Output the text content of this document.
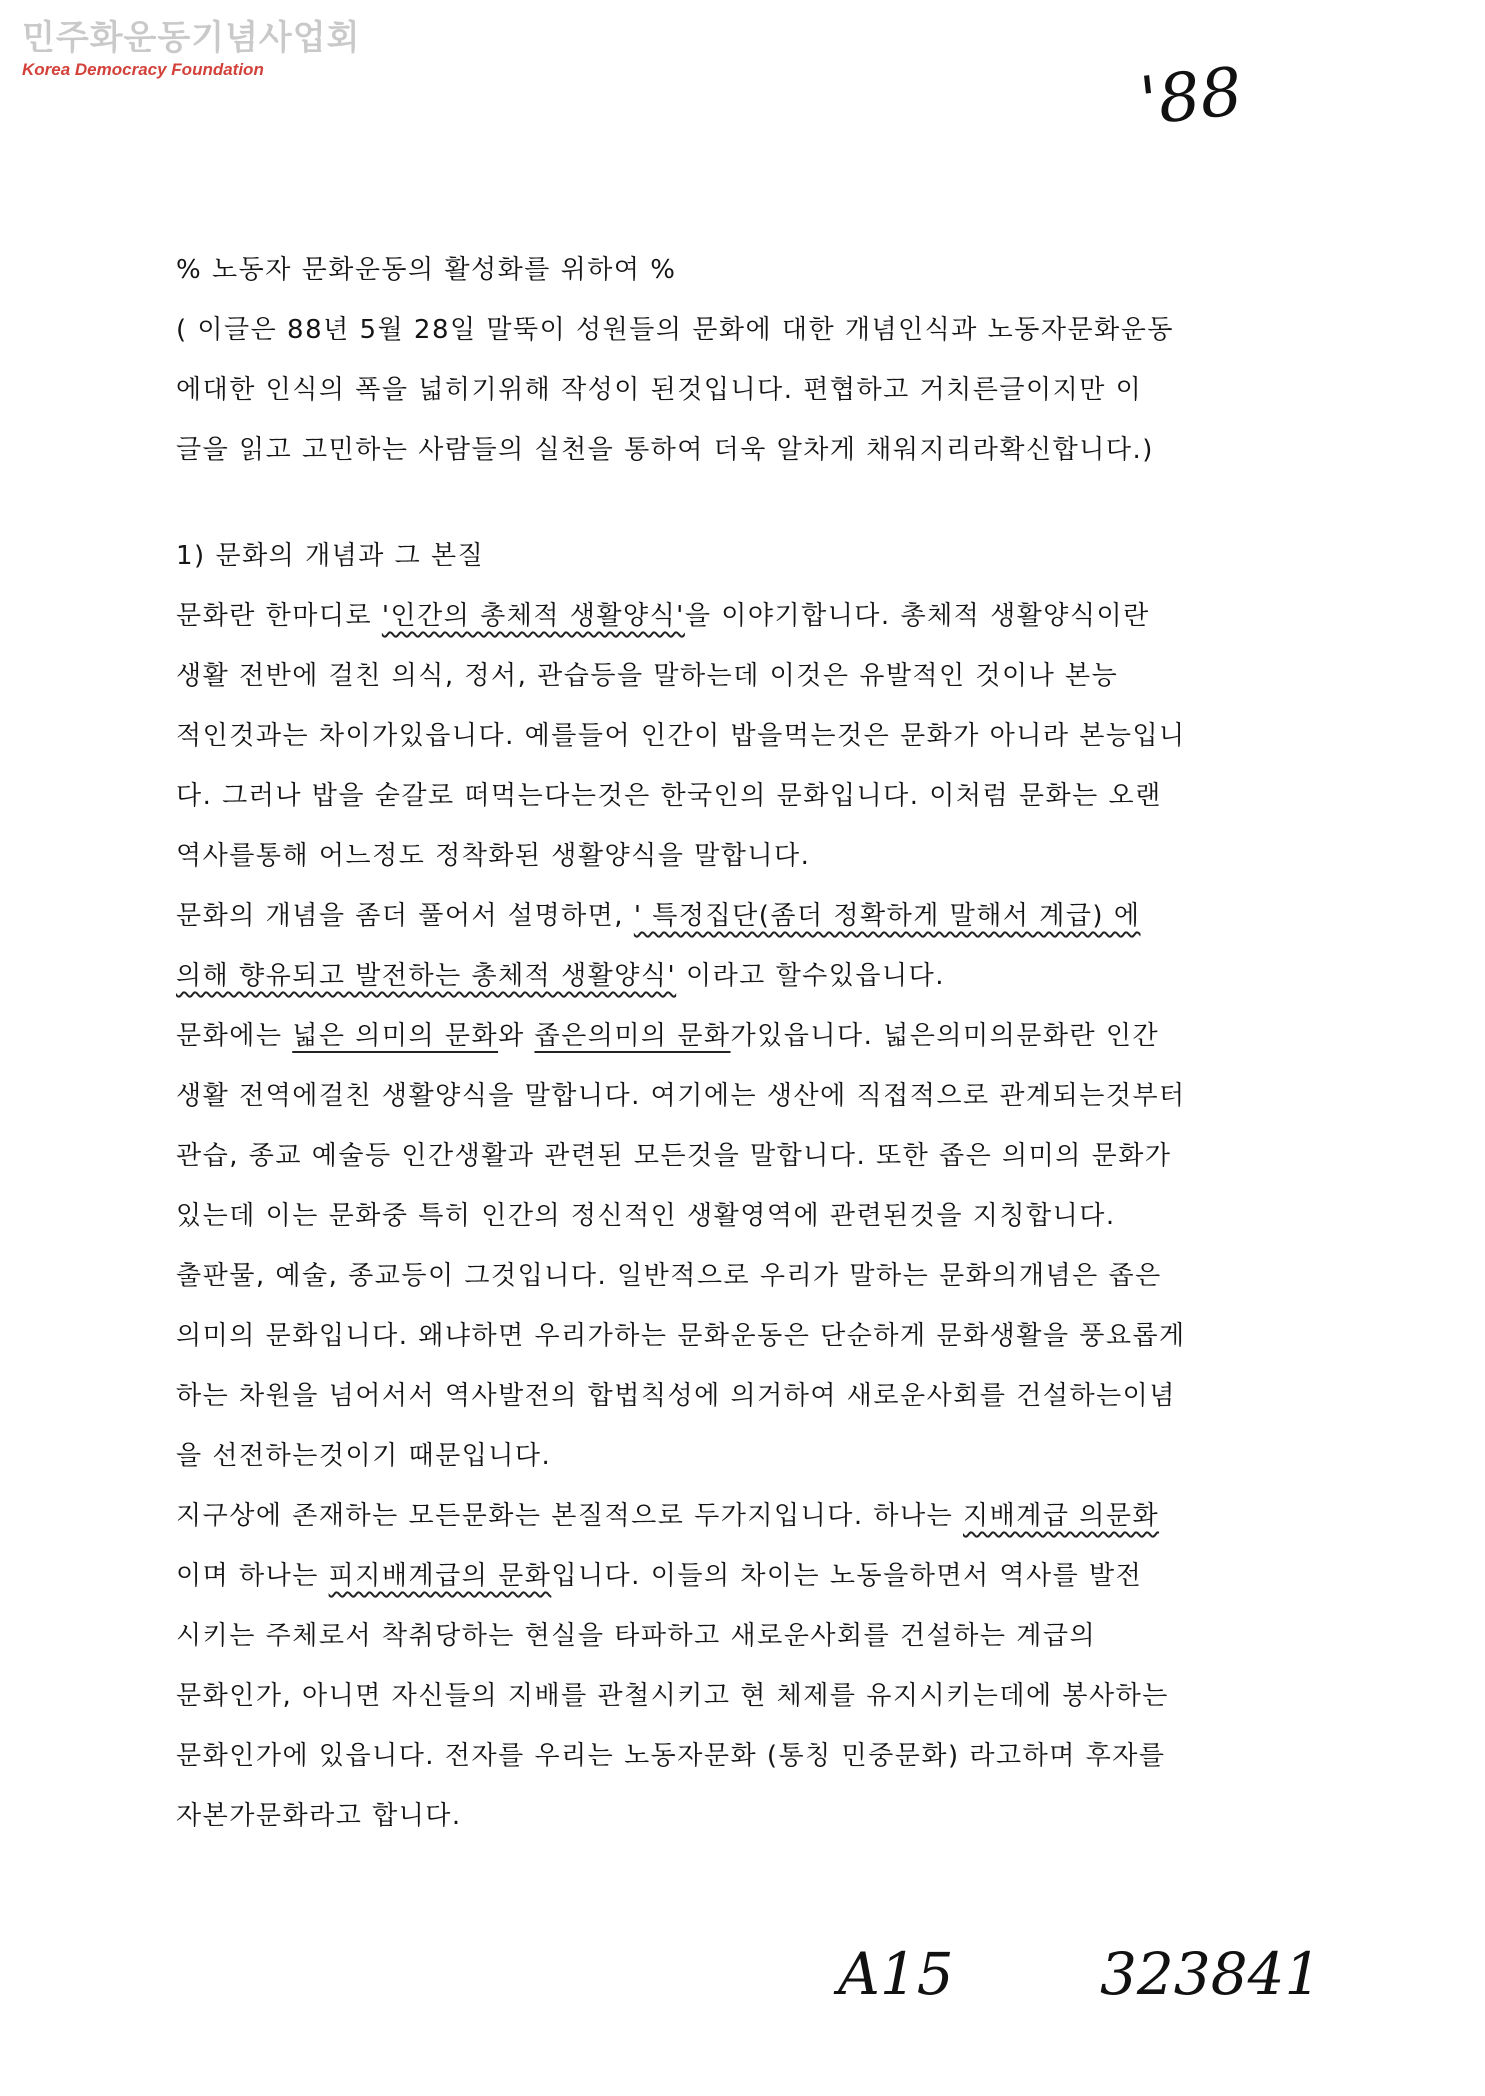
민주화운동기념사업회
Korea Democracy Foundation	'88
% 노동자 문화운동의 활성화를 위하여 %
( 이글은 88년 5월 28일 말뚝이 성원들의 문화에 대한 개념인식과 노동자문화운동
에대한 인식의 폭을 넓히기위해 작성이 된것입니다. 편협하고 거치른글이지만 이
글을 읽고 고민하는 사람들의 실천을 통하여 더욱 알차게 채워지리라확신합니다.)
1) 문화의 개념과 그 본질
문화란 한마디로 '인간의 총체적 생활양식'을 이야기합니다. 총체적 생활양식이란
생활 전반에 걸친 의식, 정서, 관습등을 말하는데 이것은 유발적인 것이나 본능
적인것과는 차이가있읍니다. 예를들어 인간이 밥을먹는것은 문화가 아니라 본능입니
다. 그러나 밥을 숟갈로 떠먹는다는것은 한국인의 문화입니다. 이처럼 문화는 오랜
역사를통해 어느정도 정착화된 생활양식을 말합니다.
문화의 개념을 좀더 풀어서 설명하면, ' 특정집단(좀더 정확하게 말해서 계급) 에
의해 향유되고 발전하는 총체적 생활양식' 이라고 할수있읍니다.
문화에는 넓은 의미의 문화와 좁은의미의 문화가있읍니다. 넓은의미의문화란 인간
생활 전역에걸친 생활양식을 말합니다. 여기에는 생산에 직접적으로 관계되는것부터
관습, 종교 예술등 인간생활과 관련된 모든것을 말합니다. 또한 좁은 의미의 문화가
있는데 이는 문화중 특히 인간의 정신적인 생활영역에 관련된것을 지칭합니다.
출판물, 예술, 종교등이 그것입니다. 일반적으로 우리가 말하는 문화의개념은 좁은
의미의 문화입니다. 왜냐하면 우리가하는 문화운동은 단순하게 문화생활을 풍요롭게
하는 차원을 넘어서서 역사발전의 합법칙성에 의거하여 새로운사회를 건설하는이념
을 선전하는것이기 때문입니다.
지구상에 존재하는 모든문화는 본질적으로 두가지입니다. 하나는 지배계급 의문화
이며 하나는 피지배계급의 문화입니다. 이들의 차이는 노동을하면서 역사를 발전
시키는 주체로서 착취당하는 현실을 타파하고 새로운사회를 건설하는 계급의
문화인가, 아니면 자신들의 지배를 관철시키고 현 체제를 유지시키는데에 봉사하는
문화인가에 있읍니다. 전자를 우리는 노동자문화 (통칭 민중문화) 라고하며 후자를
자본가문화라고 합니다.
A15	323841
